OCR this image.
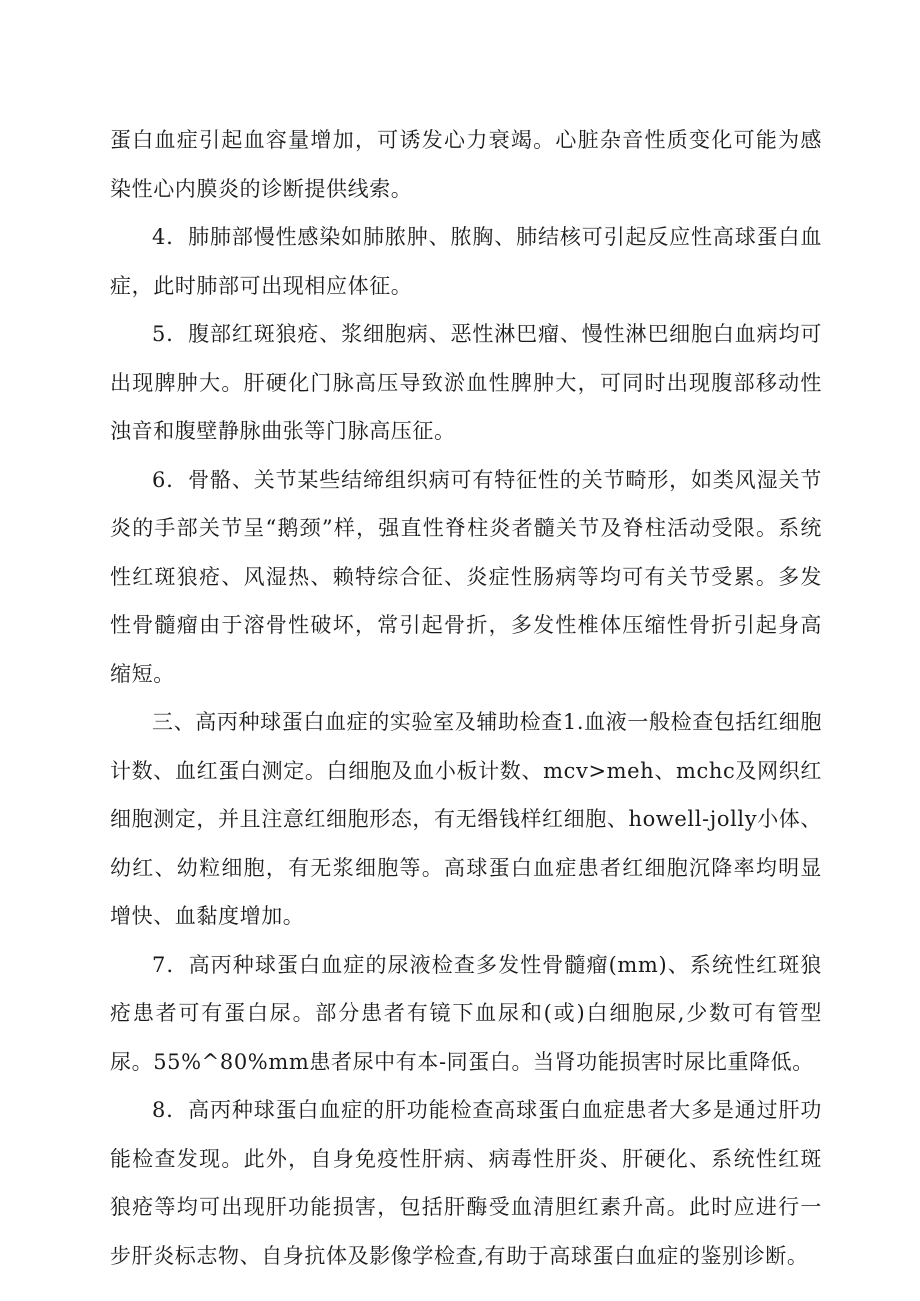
蛋白血症引起血容量增加，可诱发心力衰竭。心脏杂音性质变化可能为感染性心内膜炎的诊断提供线索。

4．肺肺部慢性感染如肺脓肿、脓胸、肺结核可引起反应性高球蛋白血症，此时肺部可出现相应体征。

5．腹部红斑狼疮、浆细胞病、恶性淋巴瘤、慢性淋巴细胞白血病均可出现脾肿大。肝硬化门脉高压导致淤血性脾肿大，可同时出现腹部移动性浊音和腹壁静脉曲张等门脉高压征。

6．骨骼、关节某些结缔组织病可有特征性的关节畸形，如类风湿关节炎的手部关节呈“鹅颈”样，强直性脊柱炎者髓关节及脊柱活动受限。系统性红斑狼疮、风湿热、赖特综合征、炎症性肠病等均可有关节受累。多发性骨髓瘤由于溶骨性破坏，常引起骨折，多发性椎体压缩性骨折引起身高缩短。

三、高丙种球蛋白血症的实验室及辅助检查1.血液一般检查包括红细胞计数、血红蛋白测定。白细胞及血小板计数、mcv>meh、mchc及网织红细胞测定，并且注意红细胞形态，有无缗钱样红细胞、howell-jolly小体、幼红、幼粒细胞，有无浆细胞等。高球蛋白血症患者红细胞沉降率均明显增快、血黏度增加。

7．高丙种球蛋白血症的尿液检查多发性骨髓瘤(mm)、系统性红斑狼疮患者可有蛋白尿。部分患者有镜下血尿和(或)白细胞尿,少数可有管型尿。55%^80%mm患者尿中有本-同蛋白。当肾功能损害时尿比重降低。

8．高丙种球蛋白血症的肝功能检查高球蛋白血症患者大多是通过肝功能检查发现。此外，自身免疫性肝病、病毒性肝炎、肝硬化、系统性红斑狼疮等均可出现肝功能损害，包括肝酶受血清胆红素升高。此时应进行一步肝炎标志物、自身抗体及影像学检查,有助于高球蛋白血症的鉴别诊断。
